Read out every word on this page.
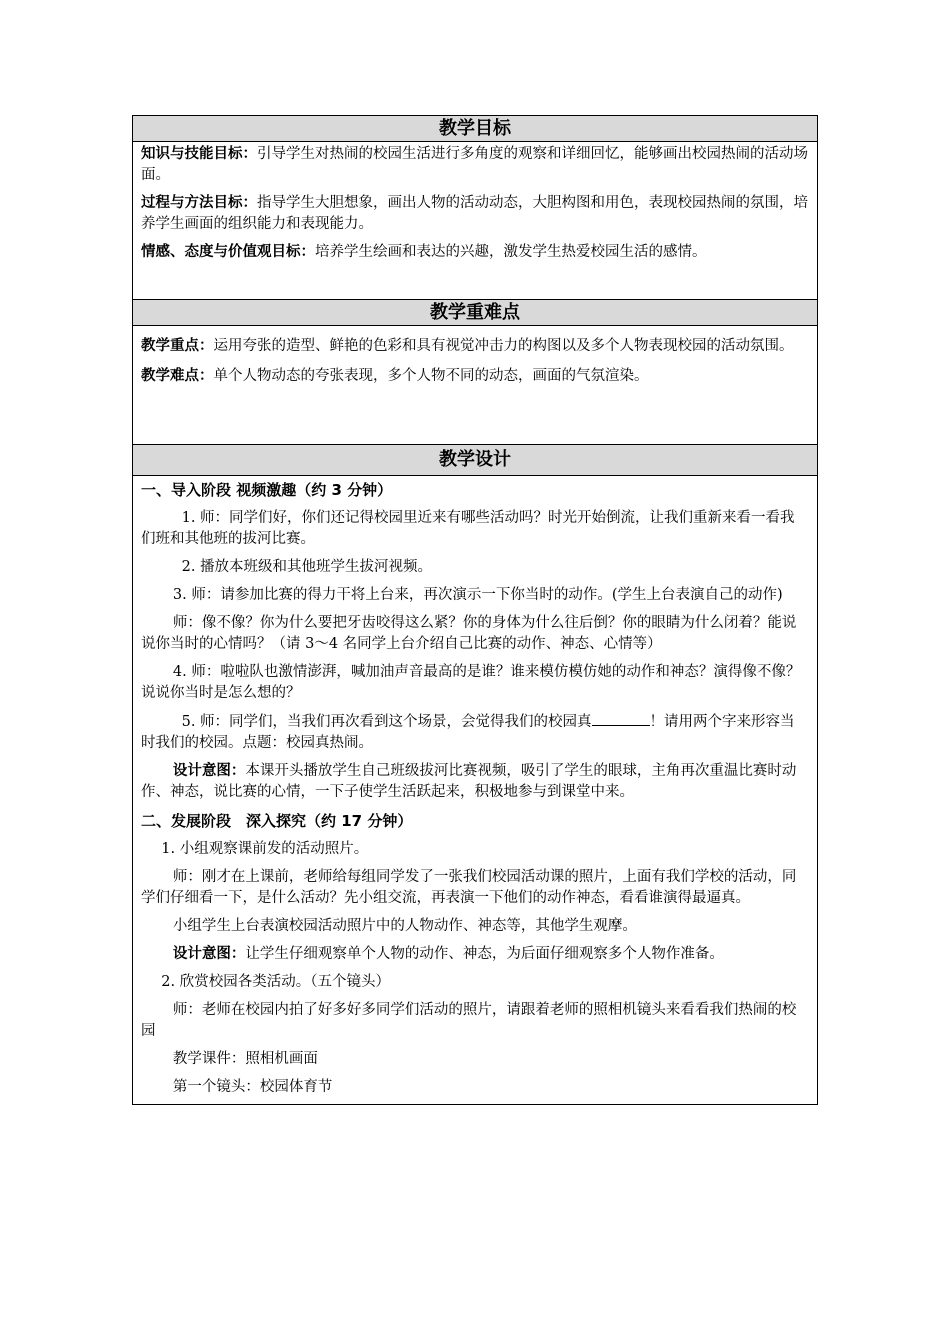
教学目标

知识与技能目标：引导学生对热闹的校园生活进行多角度的观察和详细回忆，能够画出校园热闹的活动场面。

过程与方法目标：指导学生大胆想象，画出人物的活动动态，大胆构图和用色，表现校园热闹的氛围，培养学生画面的组织能力和表现能力。

情感、态度与价值观目标：培养学生绘画和表达的兴趣，激发学生热爱校园生活的感情。

教学重难点

教学重点：运用夸张的造型、鲜艳的色彩和具有视觉冲击力的构图以及多个人物表现校园的活动氛围。

教学难点：单个人物动态的夸张表现，多个人物不同的动态，画面的气氛渲染。

教学设计

一、导入阶段 视频激趣（约 3 分钟）

1. 师：同学们好，你们还记得校园里近来有哪些活动吗？时光开始倒流，让我们重新来看一看我们班和其他班的拔河比赛。

2. 播放本班级和其他班学生拔河视频。

3. 师：请参加比赛的得力干将上台来，再次演示一下你当时的动作。(学生上台表演自己的动作)

师：像不像？你为什么要把牙齿咬得这么紧？你的身体为什么往后倒？你的眼睛为什么闭着？能说说你当时的心情吗？（请 3～4 名同学上台介绍自己比赛的动作、神态、心情等）

4. 师：啦啦队也激情澎湃，喊加油声音最高的是谁？谁来模仿模仿她的动作和神态？演得像不像？说说你当时是怎么想的？

5. 师：同学们，当我们再次看到这个场景，会觉得我们的校园真	！请用两个字来形容当时我们的校园。点题：校园真热闹。

设计意图：本课开头播放学生自己班级拔河比赛视频，吸引了学生的眼球，主角再次重温比赛时动作、神态，说比赛的心情，一下子使学生活跃起来，积极地参与到课堂中来。

二、发展阶段　深入探究（约 17 分钟）

1. 小组观察课前发的活动照片。

师：刚才在上课前，老师给每组同学发了一张我们校园活动课的照片，上面有我们学校的活动，同学们仔细看一下，是什么活动？先小组交流，再表演一下他们的动作神态，看看谁演得最逼真。

小组学生上台表演校园活动照片中的人物动作、神态等，其他学生观摩。

设计意图：让学生仔细观察单个人物的动作、神态，为后面仔细观察多个人物作准备。

2. 欣赏校园各类活动。（五个镜头）

师：老师在校园内拍了好多好多同学们活动的照片，请跟着老师的照相机镜头来看看我们热闹的校园

教学课件：照相机画面

第一个镜头：校园体育节
